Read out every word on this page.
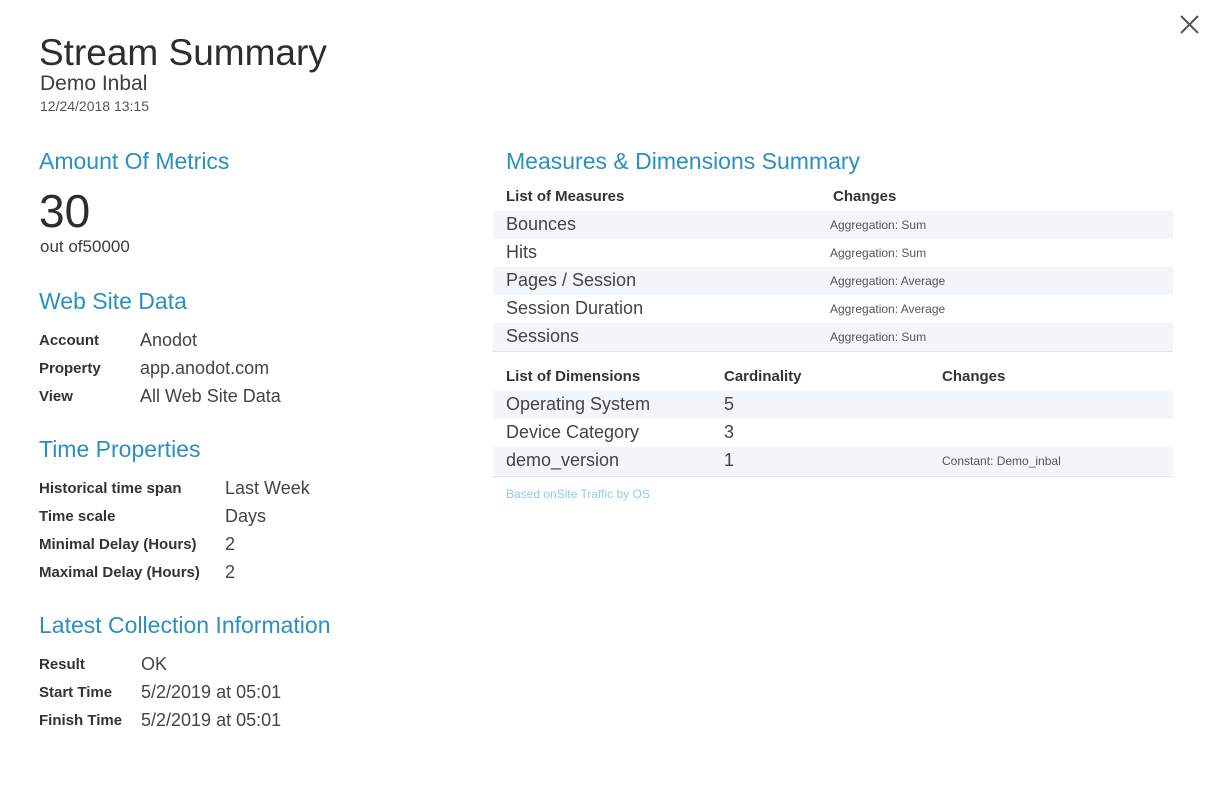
Stream Summary
Demo Inbal
12/24/2018 13:15
Amount Of Metrics
30
out of50000
Web Site Data
Account	Anodot
Property	app.anodot.com
View	All Web Site Data
Time Properties
Historical time span	Last Week
Time scale	Days
Minimal Delay (Hours)	2
Maximal Delay (Hours)	2
Latest Collection Information
Result	OK
Start Time	5/2/2019 at 05:01
Finish Time	5/2/2019 at 05:01
Measures & Dimensions Summary
List of Measures	Changes
Bounces	Aggregation: Sum
Hits	Aggregation: Sum
Pages / Session	Aggregation: Average
Session Duration	Aggregation: Average
Sessions	Aggregation: Sum
List of Dimensions	Cardinality	Changes
Operating System	5
Device Category	3
demo_version	1	Constant: Demo_inbal
Based onSite Traffic by OS
